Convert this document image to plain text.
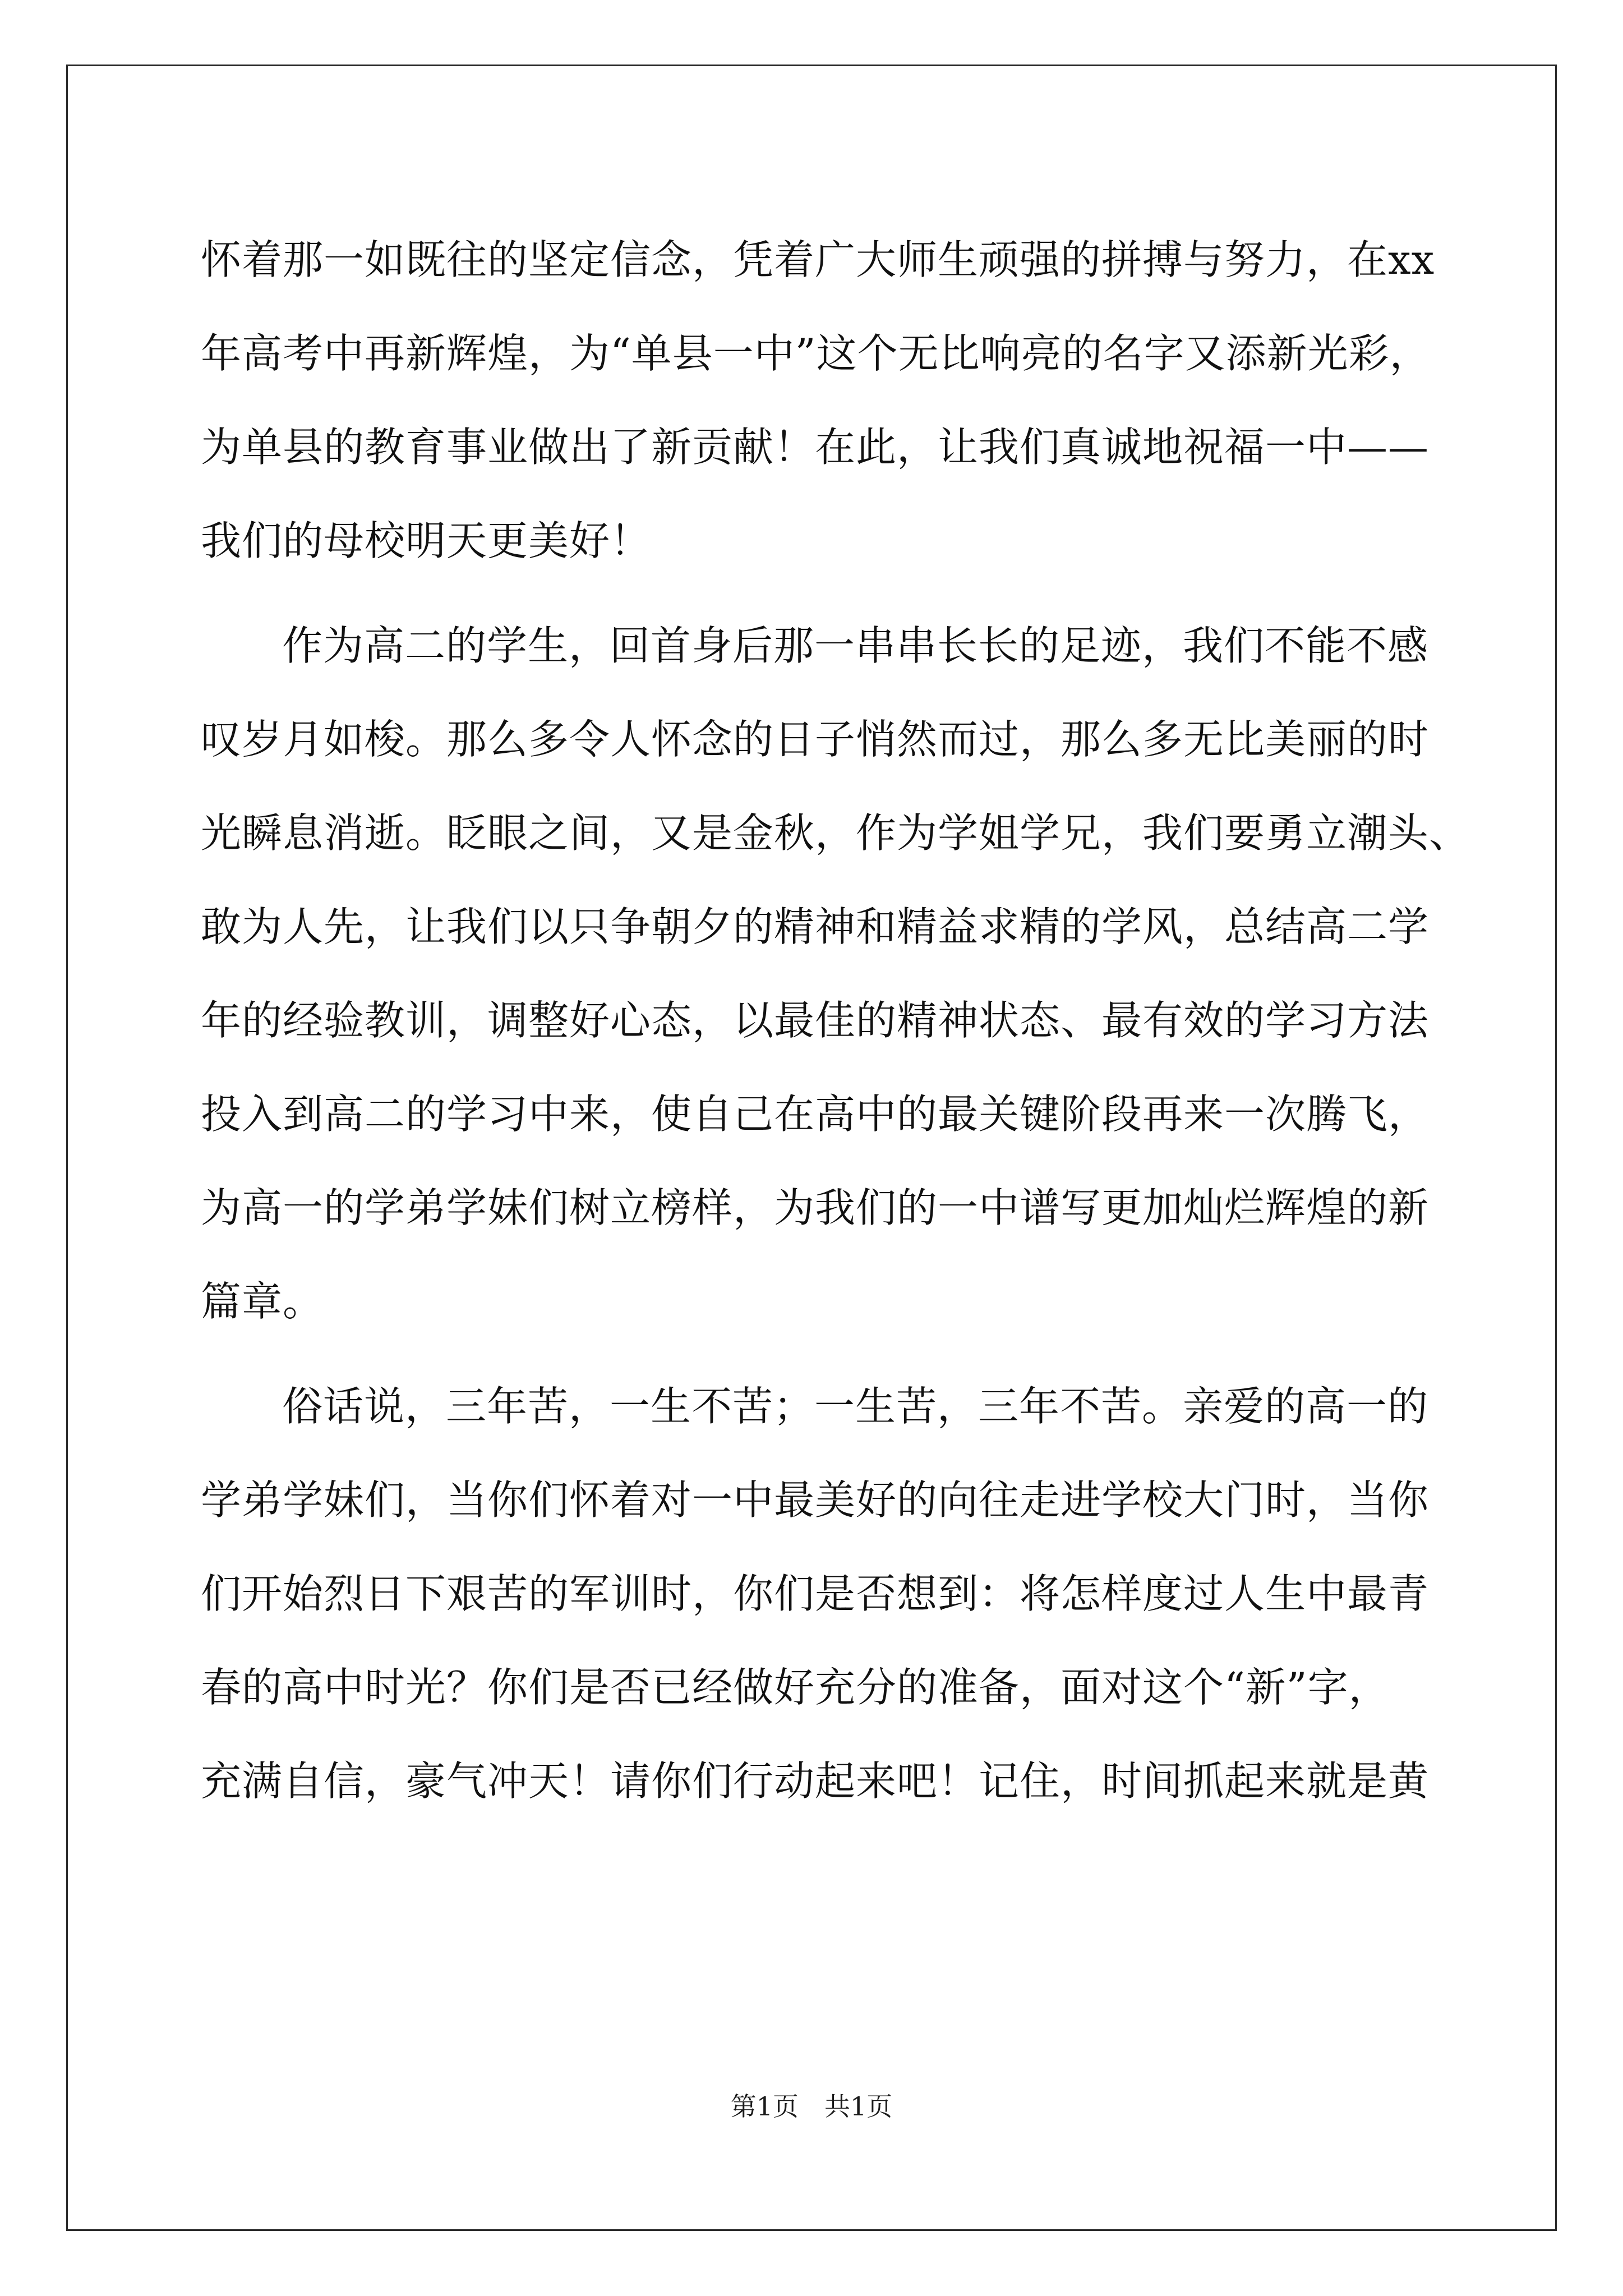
怀着那一如既往的坚定信念，凭着广大师生顽强的拼搏与努力，在xx
年高考中再新辉煌，为“单县一中”这个无比响亮的名字又添新光彩，
为单县的教育事业做出了新贡献！在此，让我们真诚地祝福一中——
我们的母校明天更美好！
作为高二的学生，回首身后那一串串长长的足迹，我们不能不感
叹岁月如梭。那么多令人怀念的日子悄然而过，那么多无比美丽的时
光瞬息消逝。眨眼之间，又是金秋，作为学姐学兄，我们要勇立潮头、
敢为人先，让我们以只争朝夕的精神和精益求精的学风，总结高二学
年的经验教训，调整好心态，以最佳的精神状态、最有效的学习方法
投入到高二的学习中来，使自己在高中的最关键阶段再来一次腾飞，
为高一的学弟学妹们树立榜样，为我们的一中谱写更加灿烂辉煌的新
篇章。
俗话说，三年苦，一生不苦；一生苦，三年不苦。亲爱的高一的
学弟学妹们，当你们怀着对一中最美好的向往走进学校大门时，当你
们开始烈日下艰苦的军训时，你们是否想到：将怎样度过人生中最青
春的高中时光？你们是否已经做好充分的准备，面对这个“新”字，
充满自信，豪气冲天！请你们行动起来吧！记住，时间抓起来就是黄
第1页　共1页
